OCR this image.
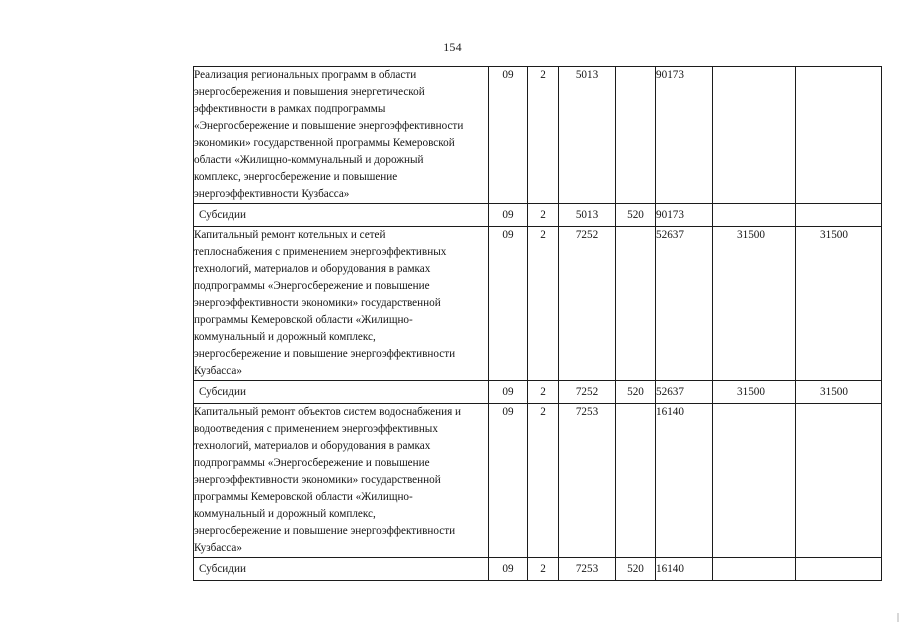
154
Реализация региональных программ в области
энергосбережения и повышения энергетической
эффективности в рамках подпрограммы
«Энергосбережение и повышение энергоэффективности
экономики» государственной программы Кемеровской
области «Жилищно-коммунальный и дорожный
комплекс, энергосбережение и повышение
энергоэффективности Кузбасса»
	09	2	5013		90173		

Субсидии	09	2	5013	520	90173		

Капитальный ремонт котельных и сетей
теплоснабжения с применением энергоэффективных
технологий, материалов и оборудования в рамках
подпрограммы «Энергосбережение и повышение
энергоэффективности экономики» государственной
программы Кемеровской области «Жилищно-
коммунальный и дорожный комплекс,
энергосбережение и повышение энергоэффективности
Кузбасса»
	09	2	7252		52637	31500	31500

Субсидии	09	2	7252	520	52637	31500	31500

Капитальный ремонт объектов систем водоснабжения и
водоотведения с применением энергоэффективных
технологий, материалов и оборудования в рамках
подпрограммы «Энергосбережение и повышение
энергоэффективности экономики» государственной
программы Кемеровской области «Жилищно-
коммунальный и дорожный комплекс,
энергосбережение и повышение энергоэффективности
Кузбасса»
	09	2	7253		16140		

Субсидии	09	2	7253	520	16140		
